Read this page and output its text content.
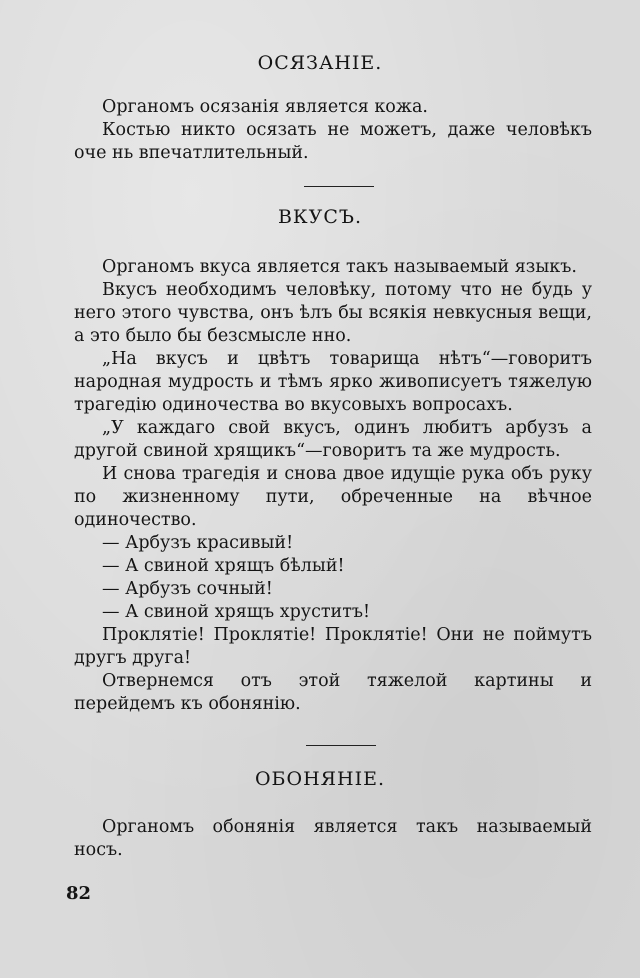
ОСЯЗАНІЕ.

Органомъ осязанія является кожа.

Костью никто осязать не можетъ, даже человѣкъ оче нь впечатлительный.

ВКУСЪ.

Органомъ вкуса является такъ называемый языкъ.

Вкусъ необходимъ человѣку, потому что не будь у него этого чувства, онъ ѣлъ бы всякія невкусныя вещи, а это было бы безсмысле нно.

„На вкусъ и цвѣтъ товарища нѣтъ“—говоритъ народная мудрость и тѣмъ ярко живописуетъ тяжелую трагедію одиночества во вкусовыхъ вопросахъ.

„У каждаго свой вкусъ, одинъ любитъ арбузъ а другой свиной хрящикъ“—говоритъ та же мудрость.

И снова трагедія и снова двое идущіе рука объ руку по жизненному пути, обреченные на вѣчное одиночество.

— Арбузъ красивый!

— А свиной хрящъ бѣлый!

— Арбузъ сочный!

— А свиной хрящъ хруститъ!

Проклятіе! Проклятіе! Проклятіе! Они не поймутъ другъ друга!

Отвернемся отъ этой тяжелой картины и перейдемъ къ обонянію.

ОБОНЯНІЕ.

Органомъ обонянія является такъ называемый носъ.

82
